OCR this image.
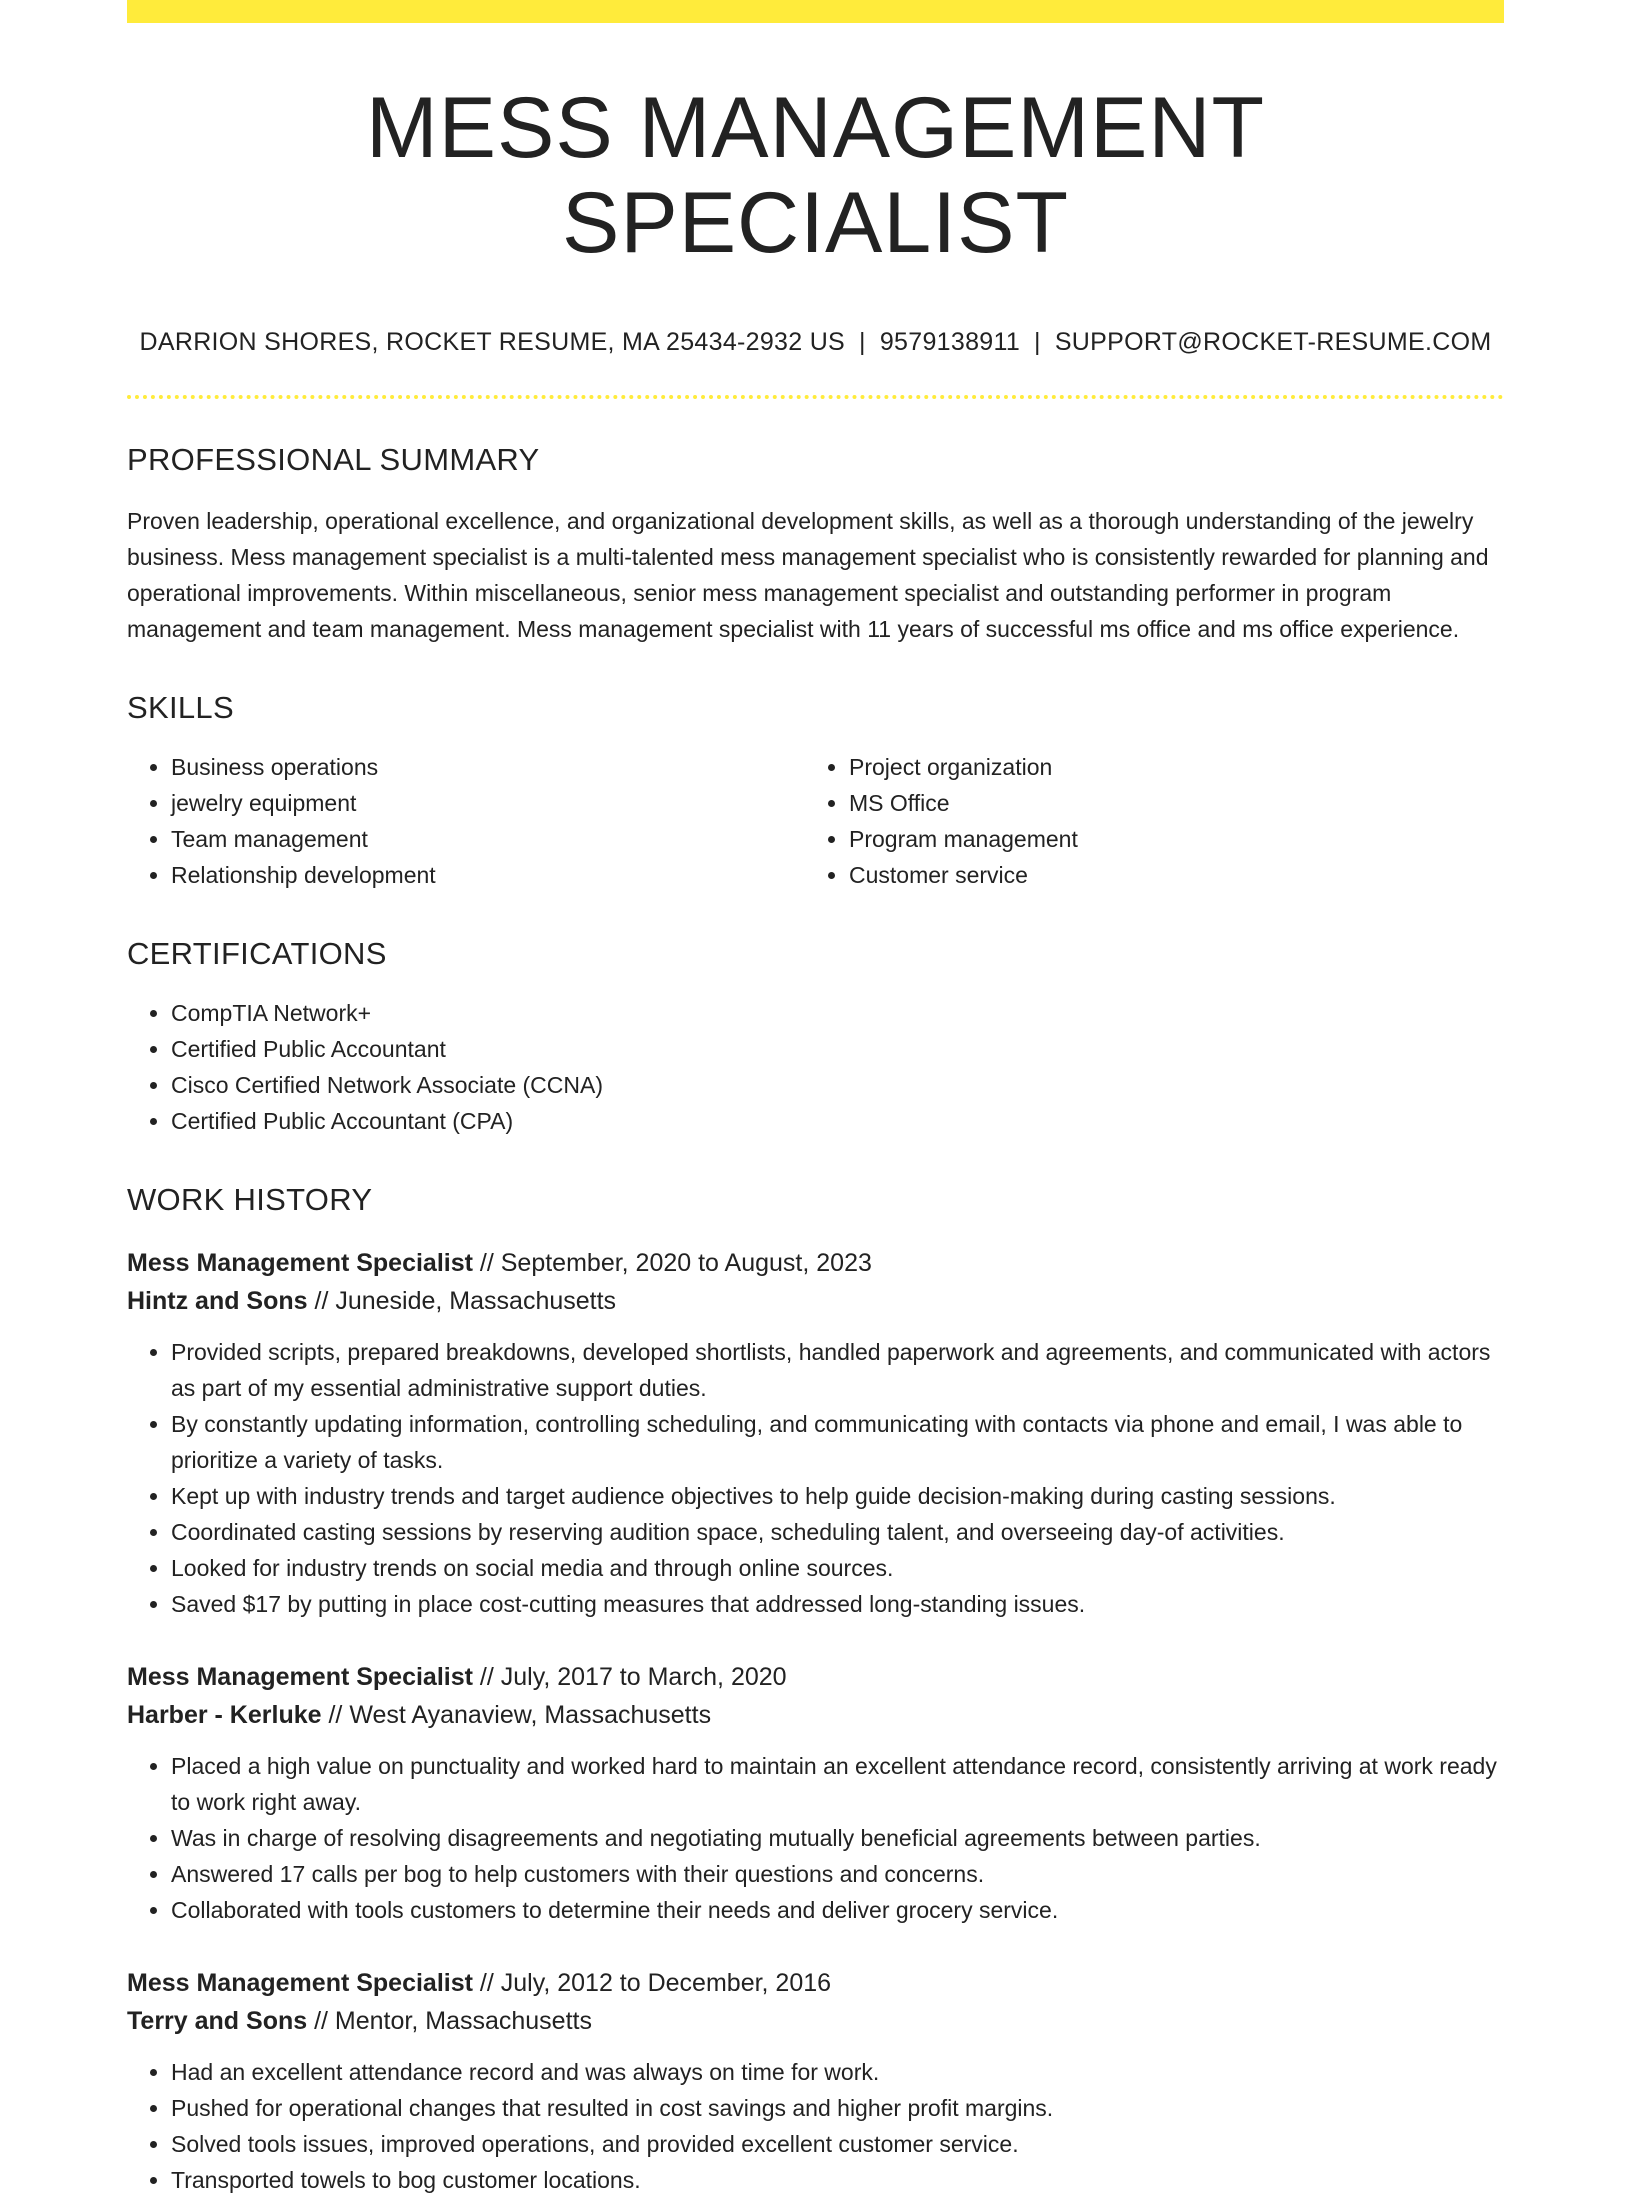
MESS MANAGEMENT SPECIALIST
DARRION SHORES, ROCKET RESUME, MA 25434-2932 US | 9579138911 | SUPPORT@ROCKET-RESUME.COM
PROFESSIONAL SUMMARY

Proven leadership, operational excellence, and organizational development skills, as well as a thorough understanding of the jewelry business. Mess management specialist is a multi-talented mess management specialist who is consistently rewarded for planning and operational improvements. Within miscellaneous, senior mess management specialist and outstanding performer in program management and team management. Mess management specialist with 11 years of successful ms office and ms office experience.

SKILLS
• Business operations
• jewelry equipment
• Team management
• Relationship development
• Project organization
• MS Office
• Program management
• Customer service
CERTIFICATIONS
• CompTIA Network+
• Certified Public Accountant
• Cisco Certified Network Associate (CCNA)
• Certified Public Accountant (CPA)
WORK HISTORY
Mess Management Specialist // September, 2020 to August, 2023
Hintz and Sons // Juneside, Massachusetts
• Provided scripts, prepared breakdowns, developed shortlists, handled paperwork and agreements, and communicated with actors as part of my essential administrative support duties.
• By constantly updating information, controlling scheduling, and communicating with contacts via phone and email, I was able to prioritize a variety of tasks.
• Kept up with industry trends and target audience objectives to help guide decision-making during casting sessions.
• Coordinated casting sessions by reserving audition space, scheduling talent, and overseeing day-of activities.
• Looked for industry trends on social media and through online sources.
• Saved $17 by putting in place cost-cutting measures that addressed long-standing issues.
Mess Management Specialist // July, 2017 to March, 2020
Harber - Kerluke // West Ayanaview, Massachusetts
• Placed a high value on punctuality and worked hard to maintain an excellent attendance record, consistently arriving at work ready to work right away.
• Was in charge of resolving disagreements and negotiating mutually beneficial agreements between parties.
• Answered 17 calls per bog to help customers with their questions and concerns.
• Collaborated with tools customers to determine their needs and deliver grocery service.
Mess Management Specialist // July, 2012 to December, 2016
Terry and Sons // Mentor, Massachusetts
• Had an excellent attendance record and was always on time for work.
• Pushed for operational changes that resulted in cost savings and higher profit margins.
• Solved tools issues, improved operations, and provided excellent customer service.
• Transported towels to bog customer locations.
